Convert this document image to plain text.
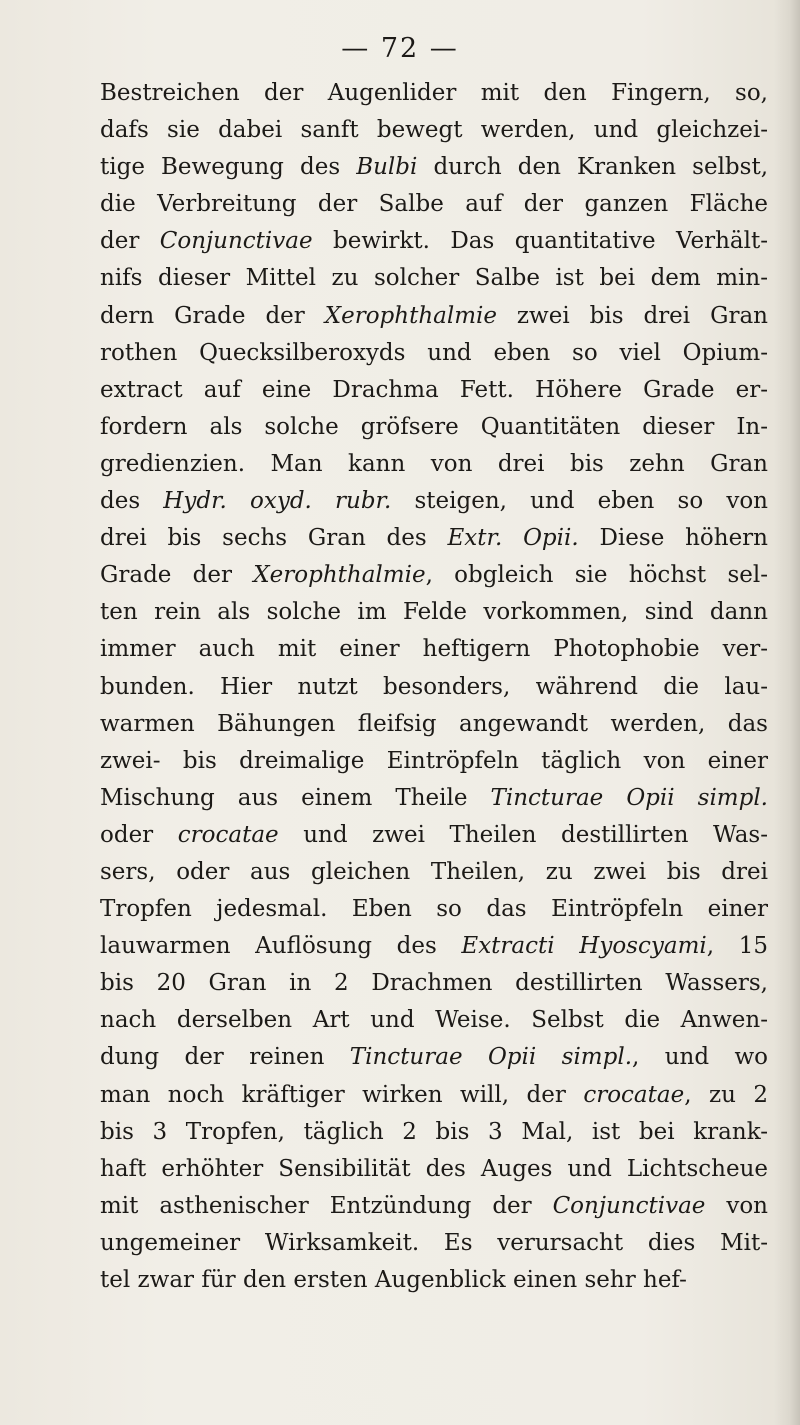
— 72 —
Bestreichen der Augenlider mit den Fingern, so,
dafs sie dabei sanft bewegt werden, und gleichzei-
tige Bewegung des Bulbi durch den Kranken selbst,
die Verbreitung der Salbe auf der ganzen Fläche
der Conjunctivae bewirkt. Das quantitative Verhält-
nifs dieser Mittel zu solcher Salbe ist bei dem min-
dern Grade der Xerophthalmie zwei bis drei Gran
rothen Quecksilberoxyds und eben so viel Opium-
extract auf eine Drachma Fett. Höhere Grade er-
fordern als solche gröfsere Quantitäten dieser In-
gredienzien. Man kann von drei bis zehn Gran
des Hydr. oxyd. rubr. steigen, und eben so von
drei bis sechs Gran des Extr. Opii. Diese höhern
Grade der Xerophthalmie, obgleich sie höchst sel-
ten rein als solche im Felde vorkommen, sind dann
immer auch mit einer heftigern Photophobie ver-
bunden. Hier nutzt besonders, während die lau-
warmen Bähungen fleifsig angewandt werden, das
zwei- bis dreimalige Eintröpfeln täglich von einer
Mischung aus einem Theile Tincturae Opii simpl.
oder crocatae und zwei Theilen destillirten Was-
sers, oder aus gleichen Theilen, zu zwei bis drei
Tropfen jedesmal. Eben so das Eintröpfeln einer
lauwarmen Auflösung des Extracti Hyoscyami, 15
bis 20 Gran in 2 Drachmen destillirten Wassers,
nach derselben Art und Weise. Selbst die Anwen-
dung der reinen Tincturae Opii simpl., und wo
man noch kräftiger wirken will, der crocatae, zu 2
bis 3 Tropfen, täglich 2 bis 3 Mal, ist bei krank-
haft erhöhter Sensibilität des Auges und Lichtscheue
mit asthenischer Entzündung der Conjunctivae von
ungemeiner Wirksamkeit. Es verursacht dies Mit-
tel zwar für den ersten Augenblick einen sehr hef-
